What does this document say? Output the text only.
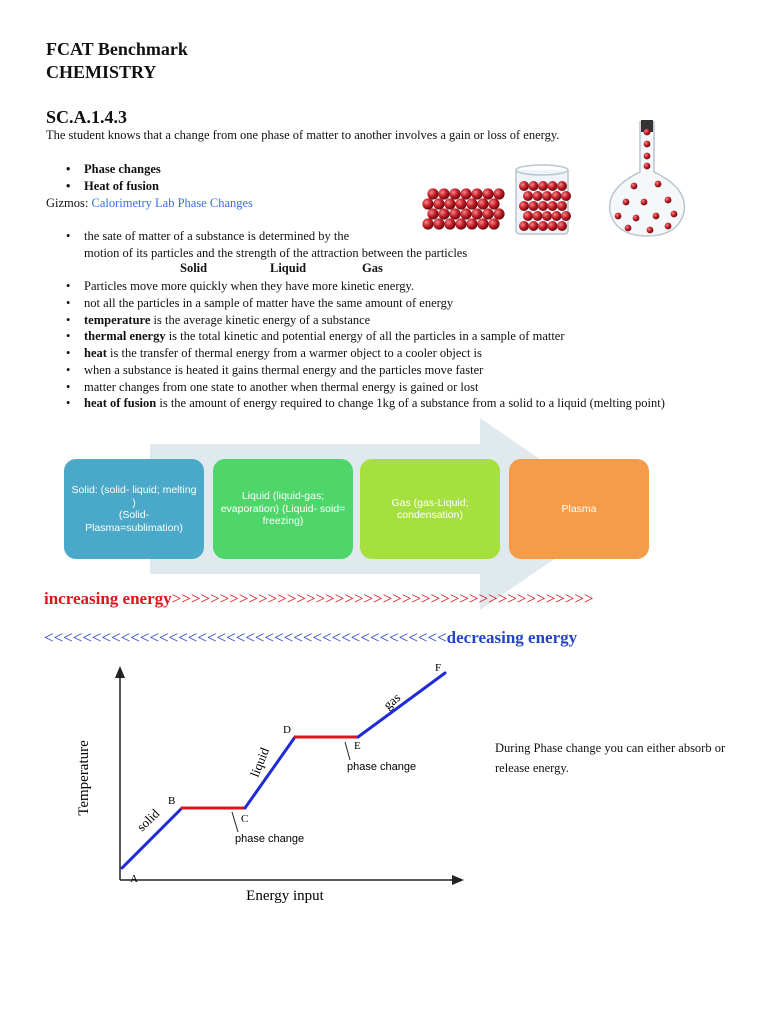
FCAT Benchmark
CHEMISTRY
SC.A.1.4.3
The student knows that a change from one phase of matter to another involves a gain or loss of energy.
• Phase changes
• Heat of fusion
Gizmos: Calorimetry Lab Phase Changes
• the sate of matter of a substance is determined by the
motion of its particles and the strength of the attraction between the particles
Solid	Liquid	Gas
• Particles move more quickly when they have more kinetic energy.
• not all the particles in a sample of matter have the same amount of energy
• temperature is the average kinetic energy of a substance
• thermal energy is the total kinetic and potential energy of all the particles in a sample of matter
• heat is the transfer of thermal energy from a warmer object to a cooler object is
• when a substance is heated it gains thermal energy and the particles move faster
• matter changes from one state to another when thermal energy is gained or lost
• heat of fusion is the amount of energy required to change 1kg of a substance from a solid to a liquid (melting point)
Solid: (solid- liquid; melting )
(Solid- Plasma=sublimation)
Liquid (liquid-gas; evaporation) (Liquid- soid= freezing)
Gas (gas-Liquid; condensation)
Plasma
increasing energy>>>>>>>>>>>>>>>>>>>>>>>>>>>>>>>>>>>>>>>>>>>>
<<<<<<<<<<<<<<<<<<<<<<<<<<<<<<<<<<<<<<<<<<decreasing energy
A
B
C
D
E
F
solid
liquid
gas
phase change
phase change
Energy input
Temperature	During Phase change you can either absorb or release energy.
